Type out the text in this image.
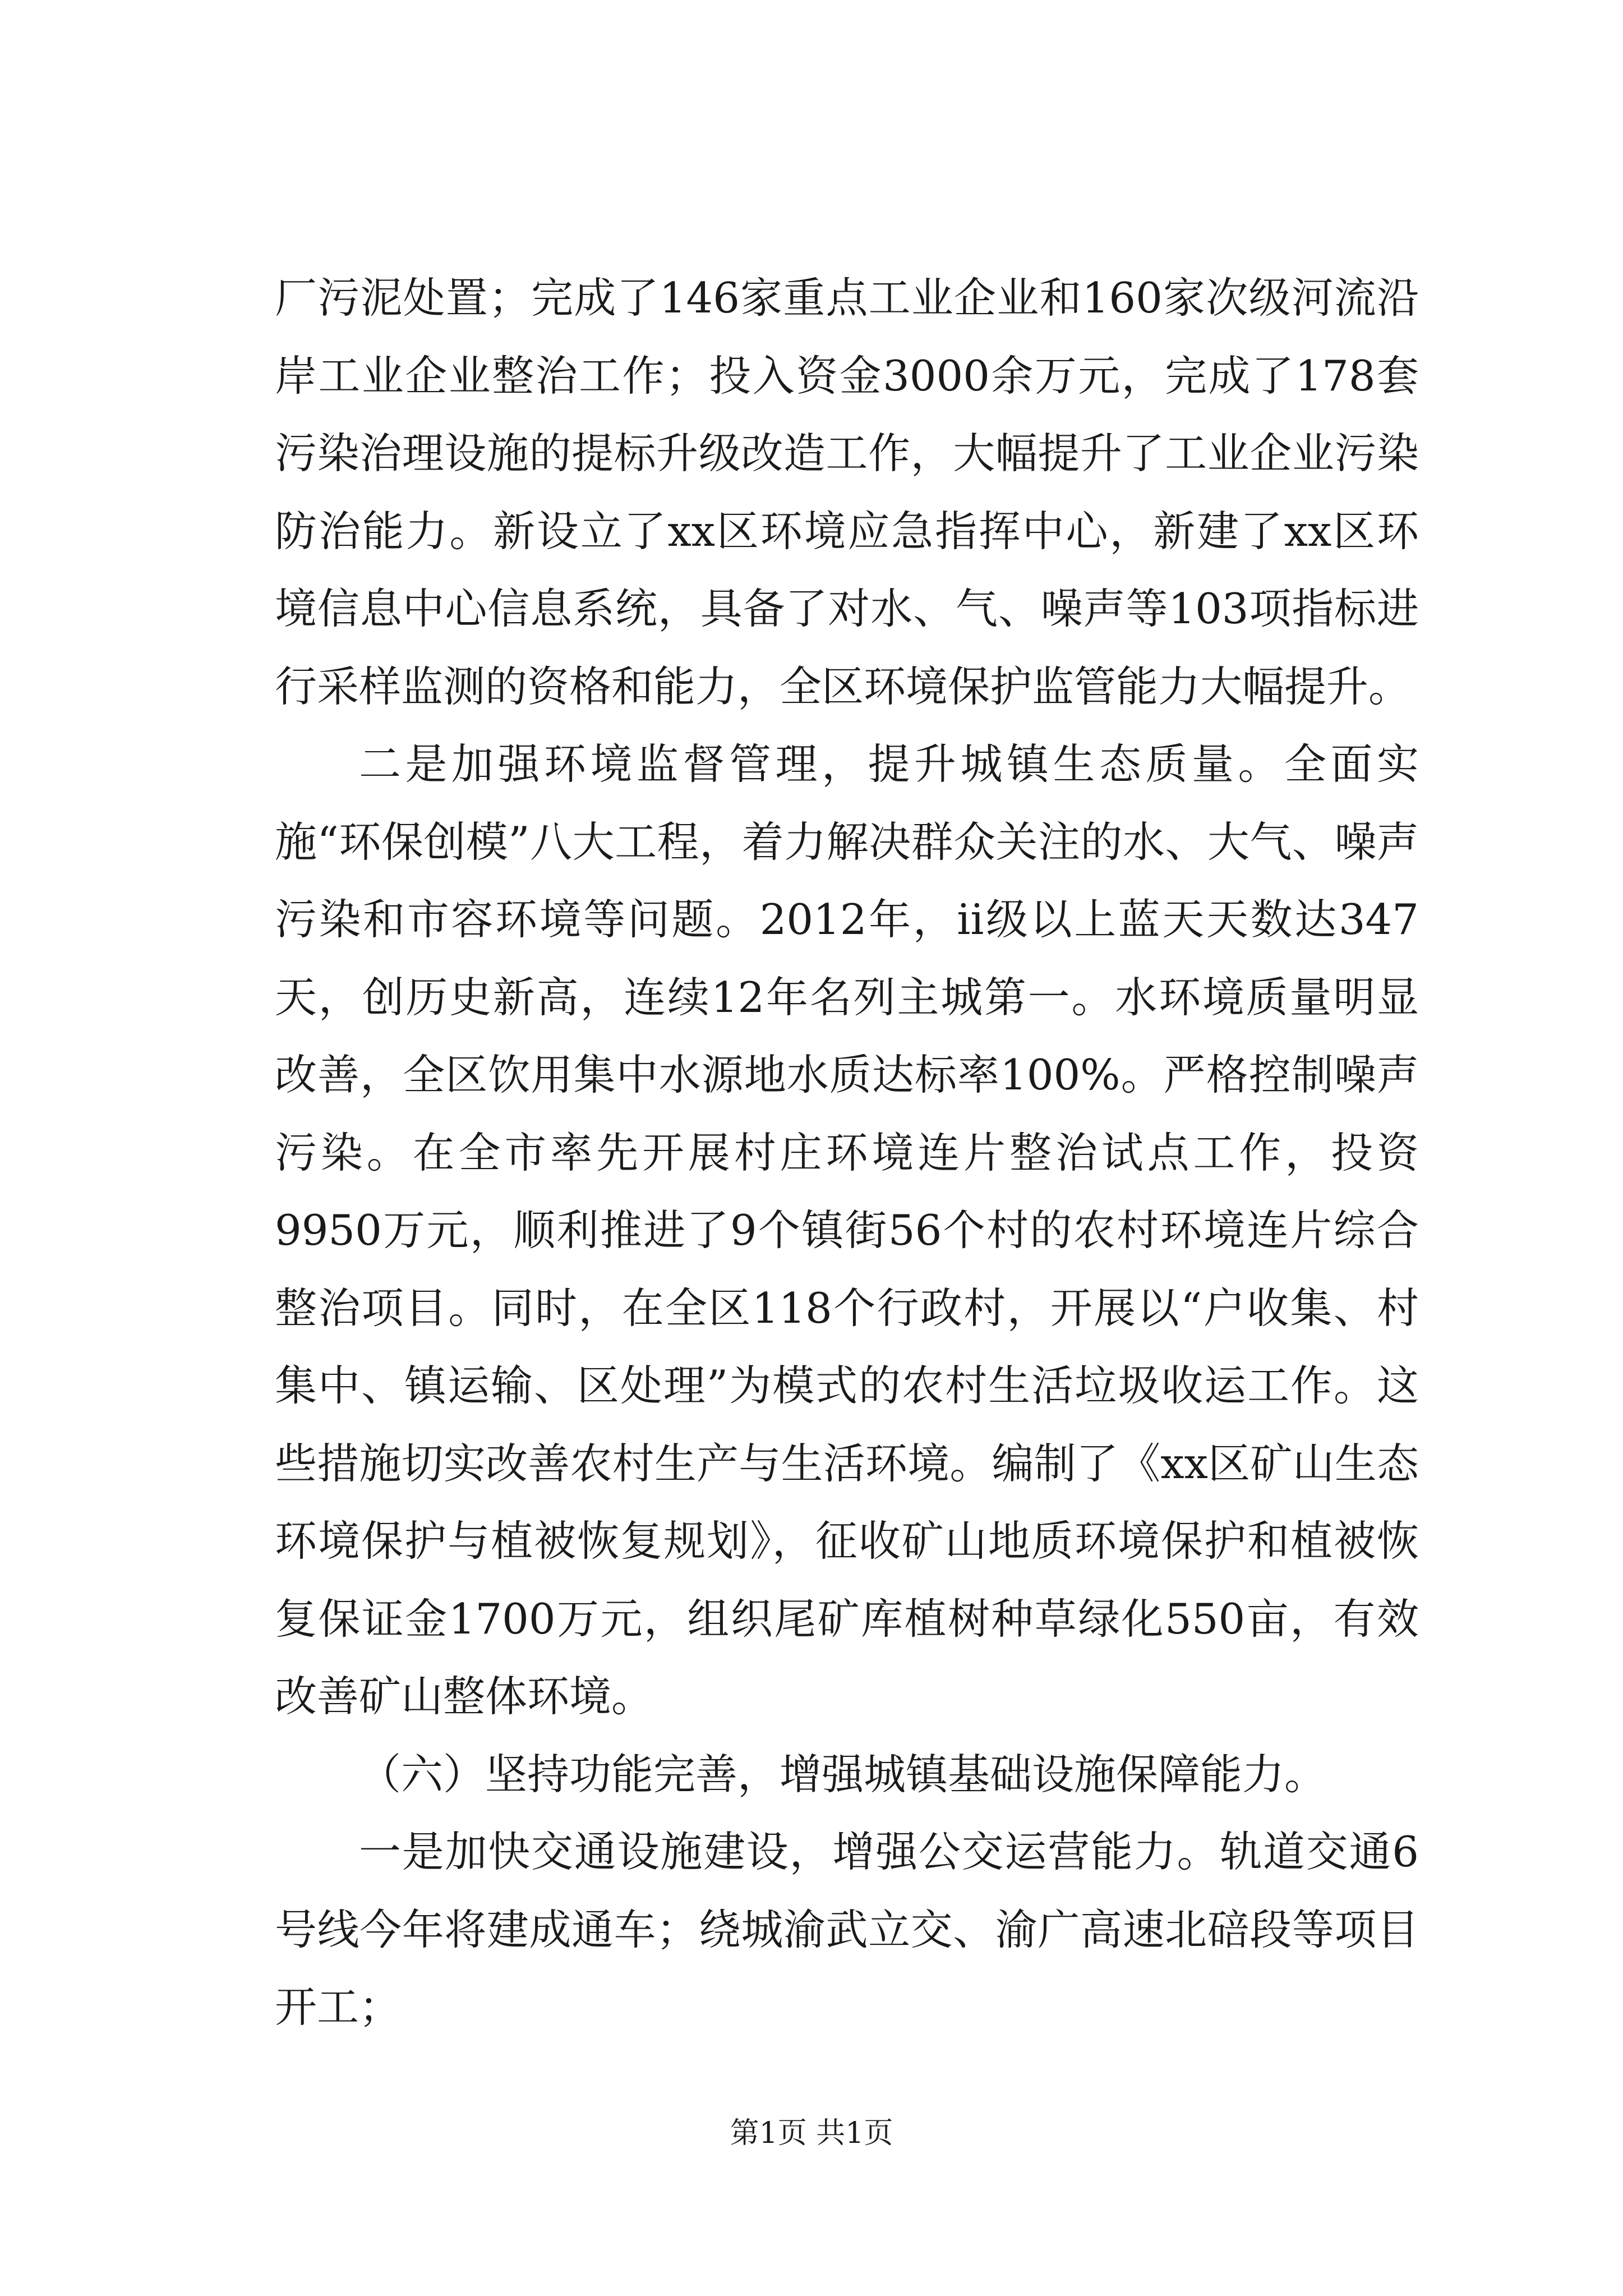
厂污泥处置；完成了146家重点工业企业和160家次级河流沿岸工业企业整治工作；投入资金3000余万元，完成了178套污染治理设施的提标升级改造工作，大幅提升了工业企业污染防治能力。新设立了xx区环境应急指挥中心，新建了xx区环境信息中心信息系统，具备了对水、气、噪声等103项指标进行采样监测的资格和能力，全区环境保护监管能力大幅提升。

二是加强环境监督管理，提升城镇生态质量。全面实施“环保创模”八大工程，着力解决群众关注的水、大气、噪声污染和市容环境等问题。2012年，ii级以上蓝天天数达347天，创历史新高，连续12年名列主城第一。水环境质量明显改善，全区饮用集中水源地水质达标率100%。严格控制噪声污染。在全市率先开展村庄环境连片整治试点工作，投资9950万元，顺利推进了9个镇街56个村的农村环境连片综合整治项目。同时，在全区118个行政村，开展以“户收集、村集中、镇运输、区处理”为模式的农村生活垃圾收运工作。这些措施切实改善农村生产与生活环境。编制了《xx区矿山生态环境保护与植被恢复规划》，征收矿山地质环境保护和植被恢复保证金1700万元，组织尾矿库植树种草绿化550亩，有效改善矿山整体环境。

（六）坚持功能完善，增强城镇基础设施保障能力。

一是加快交通设施建设，增强公交运营能力。轨道交通6号线今年将建成通车；绕城渝武立交、渝广高速北碚段等项目开工；

第1页 共1页
